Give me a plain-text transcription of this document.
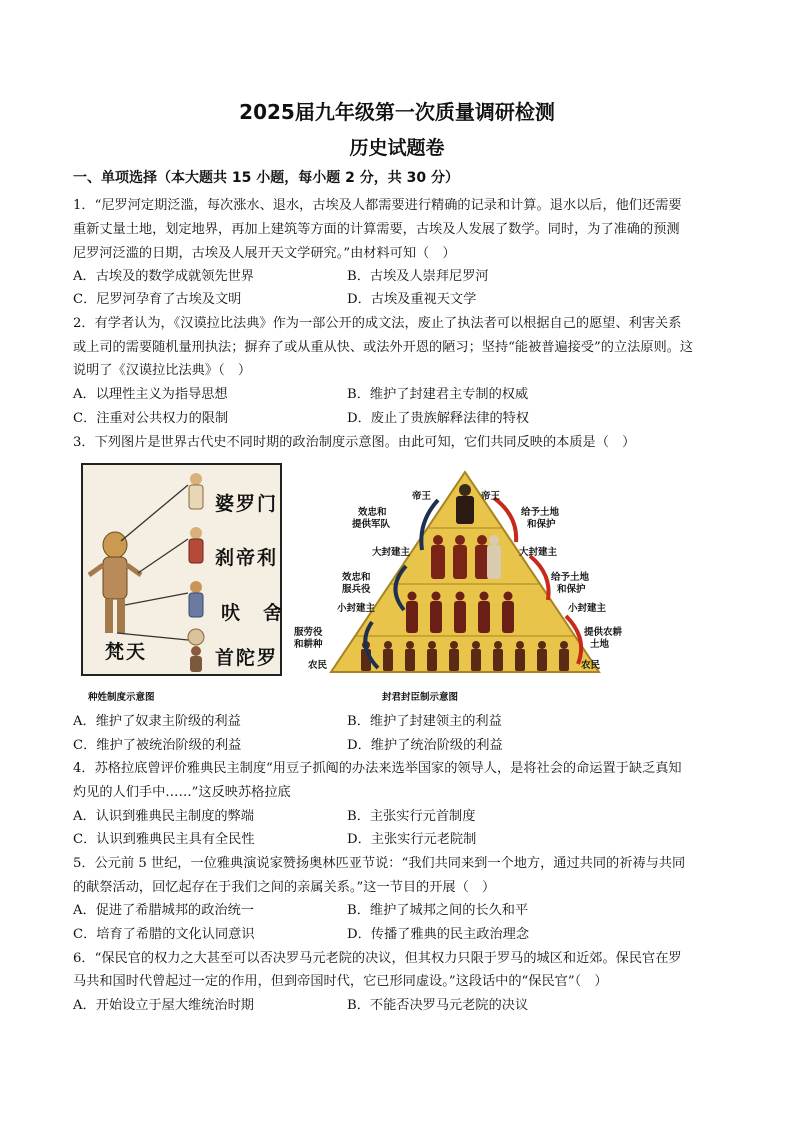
2025届九年级第一次质量调研检测
历史试题卷
一、单项选择（本大题共 15 小题，每小题 2 分，共 30 分）
1．“尼罗河定期泛滥，每次涨水、退水，古埃及人都需要进行精确的记录和计算。退水以后，他们还需要
重新丈量土地，划定地界，再加上建筑等方面的计算需要，古埃及人发展了数学。同时，为了准确的预测
尼罗河泛滥的日期，古埃及人展开天文学研究。”由材料可知（　）
A．古埃及的数学成就领先世界	B．古埃及人崇拜尼罗河
C．尼罗河孕育了古埃及文明	D．古埃及重视天文学
2．有学者认为，《汉谟拉比法典》作为一部公开的成文法，废止了执法者可以根据自己的愿望、利害关系
或上司的需要随机量刑执法；摒弃了或从重从快、或法外开恩的陋习；坚持“能被普遍接受”的立法原则。这
说明了《汉谟拉比法典》（　）
A．以理性主义为指导思想	B．维护了封建君主专制的权威
C．注重对公共权力的限制	D．废止了贵族解释法律的特权
3．下列图片是世界古代史不同时期的政治制度示意图。由此可知，它们共同反映的本质是（　）
婆罗门
刹帝利
吠　舍
首陀罗
梵天
种姓制度示意图
帝王	帝王
效忠和
提供军队
给予土地
和保护
大封建主	大封建主
效忠和
服兵役
给予土地
和保护
小封建主	小封建主
服劳役
和耕种
提供农耕
土地
农民	农民
封君封臣制示意图
A．维护了奴隶主阶级的利益	B．维护了封建领主的利益
C．维护了被统治阶级的利益	D．维护了统治阶级的利益
4．苏格拉底曾评价雅典民主制度“用豆子抓阄的办法来选举国家的领导人，是将社会的命运置于缺乏真知
灼见的人们手中……”这反映苏格拉底
A．认识到雅典民主制度的弊端	B．主张实行元首制度
C．认识到雅典民主具有全民性	D．主张实行元老院制
5．公元前 5 世纪，一位雅典演说家赞扬奥林匹亚节说：“我们共同来到一个地方，通过共同的祈祷与共同
的献祭活动，回忆起存在于我们之间的亲属关系。”这一节目的开展（　）
A．促进了希腊城邦的政治统一	B．维护了城邦之间的长久和平
C．培育了希腊的文化认同意识	D．传播了雅典的民主政治理念
6．“保民官的权力之大甚至可以否决罗马元老院的决议，但其权力只限于罗马的城区和近郊。保民官在罗
马共和国时代曾起过一定的作用，但到帝国时代，它已形同虚设。”这段话中的“保民官”（　）
A．开始设立于屋大维统治时期	B．不能否决罗马元老院的决议
